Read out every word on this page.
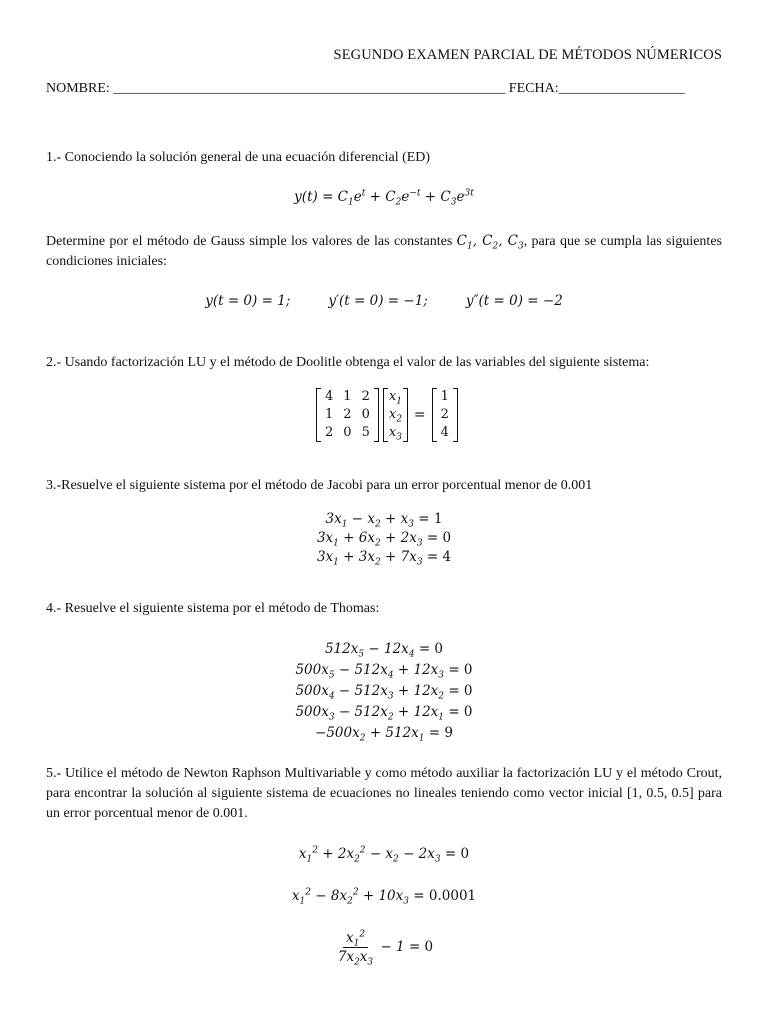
SEGUNDO EXAMEN PARCIAL DE MÉTODOS NÚMERICOS
NOMBRE: ________________________________________________________ FECHA:__________________
1.- Conociendo la solución general de una ecuación diferencial (ED)
$y(t) = C_1e^t + C_2e^{-t} + C_3e^{3t}$
Determine por el método de Gauss simple los valores de las constantes $C_1$, $C_2$, $C_3$, para que se cumpla las siguientes condiciones iniciales:
y(t = 0) = 1;	y′(t = 0) = −1;	y″(t = 0) = −2
2.- Usando factorización LU y el método de Doolitle obtenga el valor de las variables del siguiente sistema:
4	1	2
1	2	0
2	0	5
$x_1$
$x_2$
$x_3$
=
1
2
4
3.-Resuelve el siguiente sistema por el método de Jacobi para un error porcentual menor de 0.001
$3x_1 - x_2 + x_3 = 1$
$3x_1 + 6x_2 + 2x_3 = 0$
$3x_1 + 3x_2 + 7x_3 = 4$
4.- Resuelve el siguiente sistema por el método de Thomas:
$512x_5 - 12x_4 = 0$
$500x_5 - 512x_4 + 12x_3 = 0$
$500x_4 - 512x_3 + 12x_2 = 0$
$500x_3 - 512x_2 + 12x_1 = 0$
$-500x_2 + 512x_1 = 9$
5.- Utilice el método de Newton Raphson Multivariable y como método auxiliar la factorización LU y el método Crout, para encontrar la solución al siguiente sistema de ecuaciones no lineales teniendo como vector inicial [1, 0.5, 0.5] para un error porcentual menor de 0.001.
$x_1^2 + 2x_2^2 - x_2 - 2x_3 = 0$
$x_1^2 - 8x_2^2 + 10x_3 = 0.0001$
$\frac{x_1^2}{7x_2x_3} - 1 = 0$
